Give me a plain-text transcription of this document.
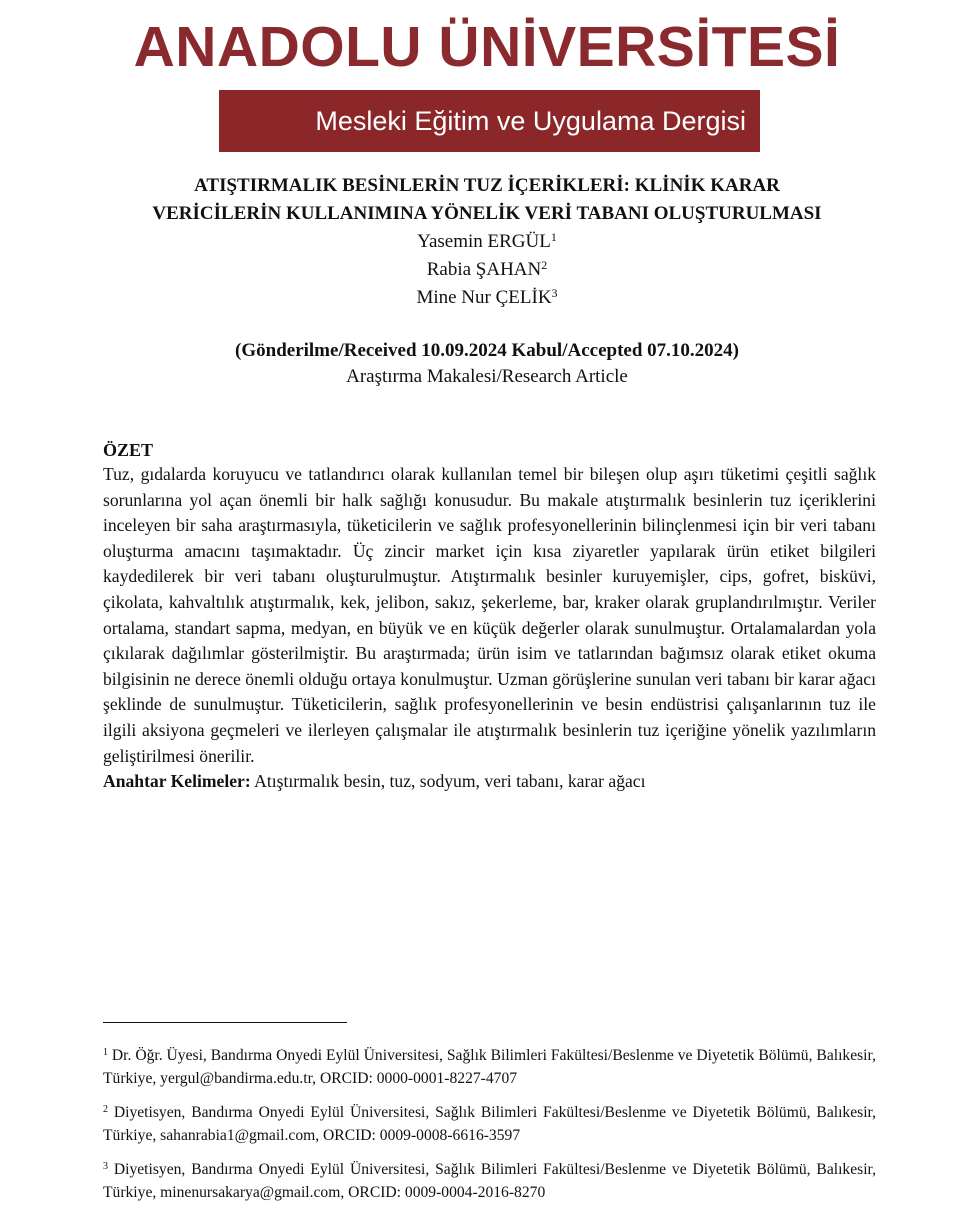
ANADOLU ÜNİVERSİTESİ
Mesleki Eğitim ve Uygulama Dergisi

ATIŞTIRMALIK BESİNLERİN TUZ İÇERİKLERİ: KLİNİK KARAR
VERİCİLERİN KULLANIMINA YÖNELİK VERİ TABANI OLUŞTURULMASI

Yasemin ERGÜL$^1$
Rabia ŞAHAN$^2$
Mine Nur ÇELİK$^3$
(Gönderilme/Received 10.09.2024 Kabul/Accepted 07.10.2024)
Araştırma Makalesi/Research Article
ÖZET

Tuz, gıdalarda koruyucu ve tatlandırıcı olarak kullanılan temel bir bileşen olup aşırı tüketimi çeşitli sağlık sorunlarına yol açan önemli bir halk sağlığı konusudur. Bu makale atıştırmalık besinlerin tuz içeriklerini inceleyen bir saha araştırmasıyla, tüketicilerin ve sağlık profesyonellerinin bilinçlenmesi için bir veri tabanı oluşturma amacını taşımaktadır. Üç zincir market için kısa ziyaretler yapılarak ürün etiket bilgileri kaydedilerek bir veri tabanı oluşturulmuştur. Atıştırmalık besinler kuruyemişler, cips, gofret, bisküvi, çikolata, kahvaltılık atıştırmalık, kek, jelibon, sakız, şekerleme, bar, kraker olarak gruplandırılmıştır. Veriler ortalama, standart sapma, medyan, en büyük ve en küçük değerler olarak sunulmuştur. Ortalamalardan yola çıkılarak dağılımlar gösterilmiştir. Bu araştırmada; ürün isim ve tatlarından bağımsız olarak etiket okuma bilgisinin ne derece önemli olduğu ortaya konulmuştur. Uzman görüşlerine sunulan veri tabanı bir karar ağacı şeklinde de sunulmuştur. Tüketicilerin, sağlık profesyonellerinin ve besin endüstrisi çalışanlarının tuz ile ilgili aksiyona geçmeleri ve ilerleyen çalışmalar ile atıştırmalık besinlerin tuz içeriğine yönelik yazılımların geliştirilmesi önerilir.

Anahtar Kelimeler: Atıştırmalık besin, tuz, sodyum, veri tabanı, karar ağacı

$^1$ Dr. Öğr. Üyesi, Bandırma Onyedi Eylül Üniversitesi, Sağlık Bilimleri Fakültesi/Beslenme ve Diyetetik Bölümü, Balıkesir, Türkiye, yergul@bandirma.edu.tr, ORCID: 0000-0001-8227-4707

$^2$ Diyetisyen, Bandırma Onyedi Eylül Üniversitesi, Sağlık Bilimleri Fakültesi/Beslenme ve Diyetetik Bölümü, Balıkesir, Türkiye, sahanrabia1@gmail.com, ORCID: 0009-0008-6616-3597

$^3$ Diyetisyen, Bandırma Onyedi Eylül Üniversitesi, Sağlık Bilimleri Fakültesi/Beslenme ve Diyetetik Bölümü, Balıkesir, Türkiye, minenursakarya@gmail.com, ORCID: 0009-0004-2016-8270
